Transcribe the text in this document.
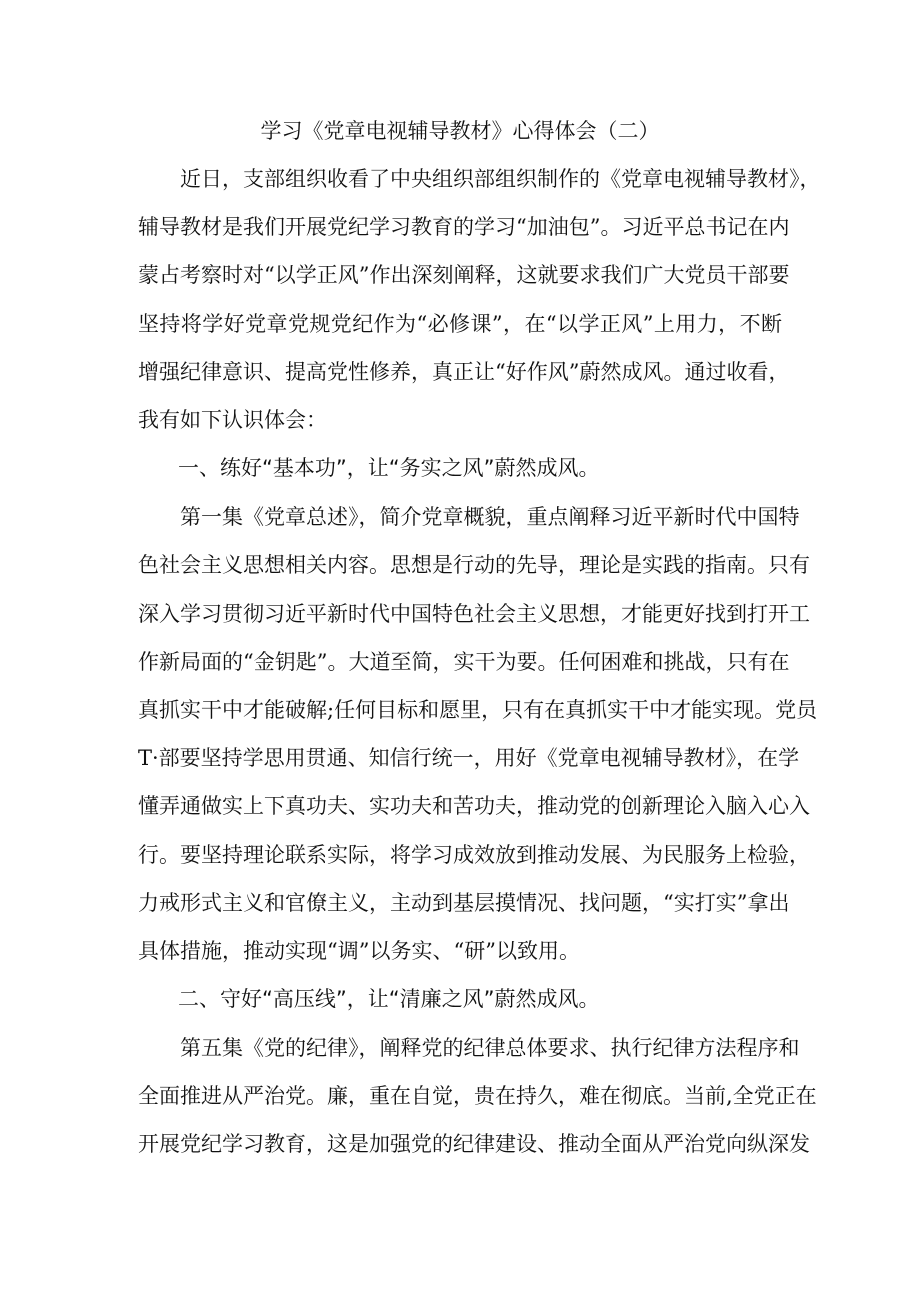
学习《党章电视辅导教材》心得体会（二）
近日，支部组织收看了中央组织部组织制作的《党章电视辅导教材》，
辅导教材是我们开展党纪学习教育的学习“加油包”。习近平总书记在内
蒙占考察时对“以学正风”作出深刻阐释，这就要求我们广大党员干部要
坚持将学好党章党规党纪作为“必修课”，在“以学正风”上用力，不断
增强纪律意识、提高党性修养，真正让“好作风”蔚然成风。通过收看，
我有如下认识体会：
一、练好“基本功”，让“务实之风”蔚然成风。
第一集《党章总述》，简介党章概貌，重点阐释习近平新时代中国特
色社会主义思想相关内容。思想是行动的先导，理论是实践的指南。只有
深入学习贯彻习近平新时代中国特色社会主义思想，才能更好找到打开工
作新局面的“金钥匙”。大道至简，实干为要。任何困难和挑战，只有在
真抓实干中才能破解;任何目标和愿里，只有在真抓实干中才能实现。党员
T·部要坚持学思用贯通、知信行统一，用好《党章电视辅导教材》，在学
懂弄通做实上下真功夫、实功夫和苦功夫，推动党的创新理论入脑入心入
行。要坚持理论联系实际，将学习成效放到推动发展、为民服务上检验，
力戒形式主义和官僚主义，主动到基层摸情况、找问题，“实打实”拿出
具体措施，推动实现“调”以务实、“研”以致用。
二、守好“高压线”，让“清廉之风”蔚然成风。
第五集《党的纪律》，阐释党的纪律总体要求、执行纪律方法程序和
全面推进从严治党。廉，重在自觉，贵在持久，难在彻底。当前,全党正在
开展党纪学习教育，这是加强党的纪律建设、推动全面从严治党向纵深发
